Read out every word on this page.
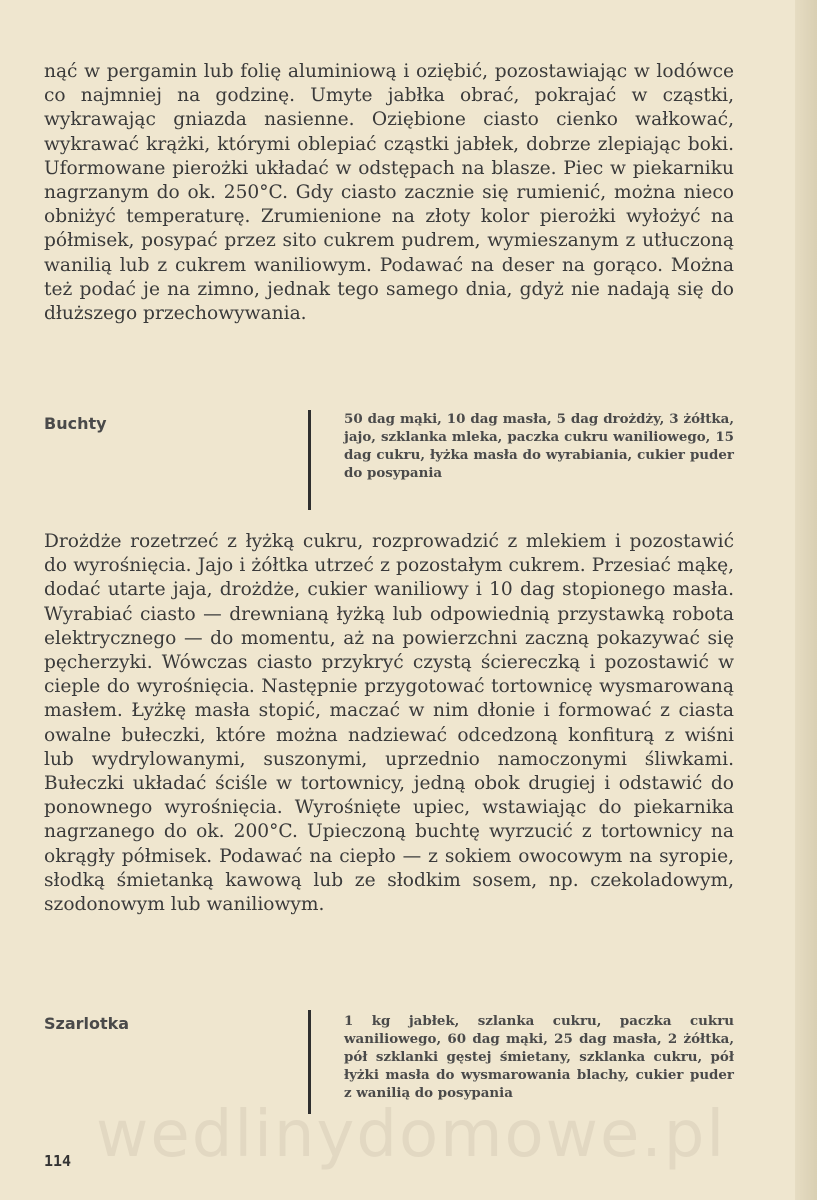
nąć w pergamin lub folię aluminiową i oziębić, pozostawiając w lodówce co najmniej na godzinę. Umyte jabłka obrać, pokrajać w cząstki, wykrawając gniazda nasienne. Oziębione ciasto cienko wałkować, wykrawać krążki, którymi oblepiać cząstki jabłek, dobrze zlepiając boki. Uformowane pierożki układać w odstępach na blasze. Piec w piekarniku nagrzanym do ok. 250°C. Gdy ciasto zacznie się rumienić, można nieco obniżyć temperaturę. Zrumienione na złoty kolor pierożki wyłożyć na półmisek, posypać przez sito cukrem pudrem, wymieszanym z utłuczoną wanilią lub z cukrem waniliowym. Podawać na deser na gorąco. Można też podać je na zimno, jednak tego samego dnia, gdyż nie nadają się do dłuższego przechowywania.

Buchty	50 dag mąki, 10 dag masła, 5 dag drożdży, 3 żółtka, jajo, szklanka mleka, paczka cukru waniliowego, 15 dag cukru, łyżka masła do wyrabiania, cukier puder do posypania

Drożdże rozetrzeć z łyżką cukru, rozprowadzić z mlekiem i pozostawić do wyrośnięcia. Jajo i żółtka utrzeć z pozostałym cukrem. Przesiać mąkę, dodać utarte jaja, drożdże, cukier waniliowy i 10 dag stopionego masła. Wyrabiać ciasto — drewnianą łyżką lub odpowiednią przystawką robota elektrycznego — do momentu, aż na powierzchni zaczną pokazywać się pęcherzyki. Wówczas ciasto przykryć czystą ściereczką i pozostawić w cieple do wyrośnięcia. Następnie przygotować tortownicę wysmarowaną masłem. Łyżkę masła stopić, maczać w nim dłonie i formować z ciasta owalne bułeczki, które można nadziewać odcedzoną konfiturą z wiśni lub wydrylowanymi, suszonymi, uprzednio namoczonymi śliwkami. Bułeczki układać ściśle w tortownicy, jedną obok drugiej i odstawić do ponownego wyrośnięcia. Wyrośnięte upiec, wstawiając do piekarnika nagrzanego do ok. 200°C. Upieczoną buchtę wyrzucić z tortownicy na okrągły półmisek. Podawać na ciepło — z sokiem owocowym na syropie, słodką śmietanką kawową lub ze słodkim sosem, np. czekoladowym, szodonowym lub waniliowym.

Szarlotka	1 kg jabłek, szlanka cukru, paczka cukru waniliowego, 60 dag mąki, 25 dag masła, 2 żółtka, pół szklanki gęstej śmietany, szklanka cukru, pół łyżki masła do wysmarowania blachy, cukier puder z wanilią do posypania

wedlinydomowe.pl
114
